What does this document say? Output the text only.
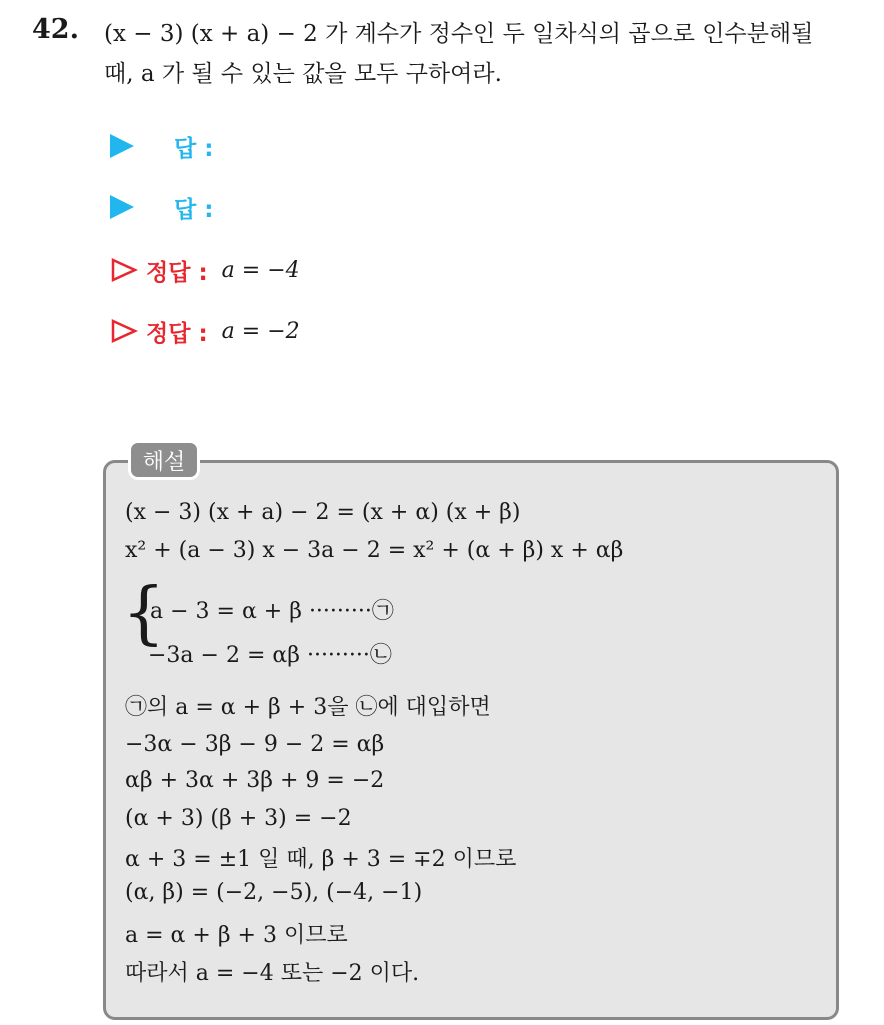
42. (x − 3) (x + a) − 2 가 계수가 정수인 두 일차식의 곱으로 인수분해될
때, a 가 될 수 있는 값을 모두 구하여라.
답 :
답 :
정답 : a = −4
정답 : a = −2
해설
(x − 3) (x + a) − 2 = (x + α) (x + β)
x² + (a − 3) x − 3a − 2 = x² + (α + β) x + αβ
{
a − 3 = α + β ·········㉠
−3a − 2 = αβ ·········㉡
㉠의 a = α + β + 3을 ㉡에 대입하면
−3α − 3β − 9 − 2 = αβ
αβ + 3α + 3β + 9 = −2
(α + 3) (β + 3) = −2
α + 3 = ±1 일 때, β + 3 = ∓2 이므로
(α, β) = (−2, −5), (−4, −1)
a = α + β + 3 이므로
따라서 a = −4 또는 −2 이다.
